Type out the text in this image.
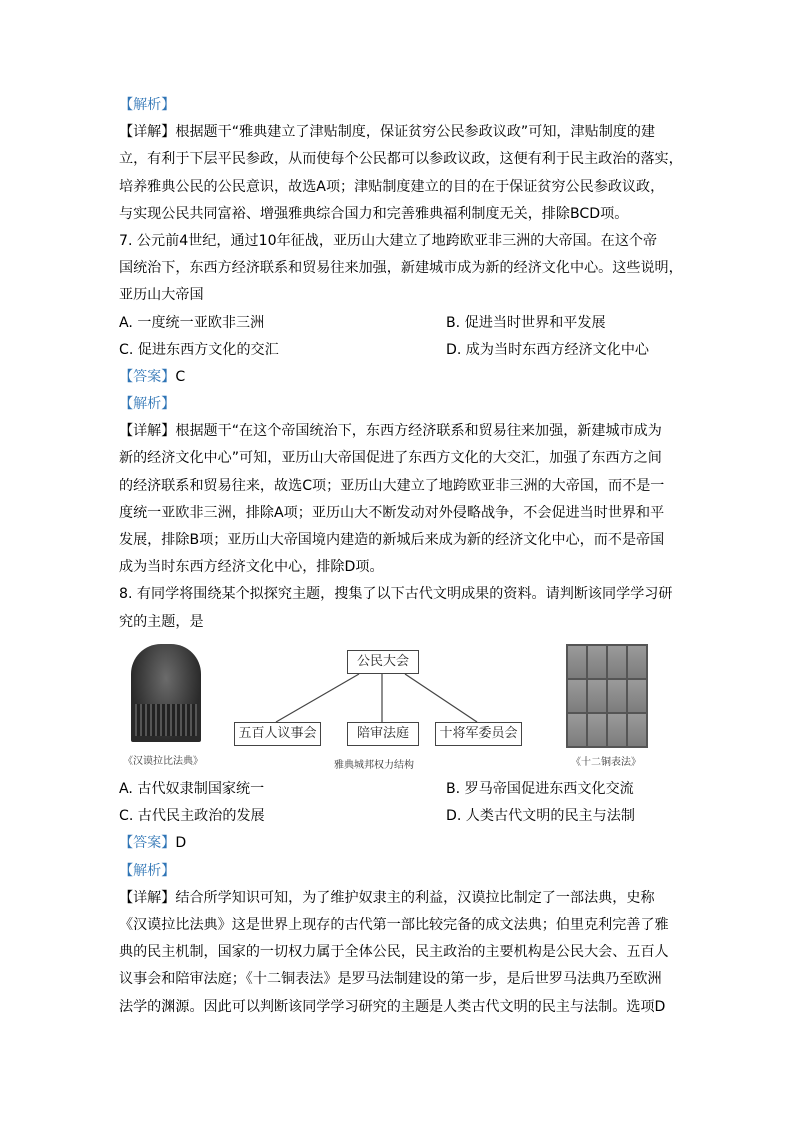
【解析】
【详解】根据题干“雅典建立了津贴制度，保证贫穷公民参政议政”可知，津贴制度的建
立，有利于下层平民参政，从而使每个公民都可以参政议政，这便有利于民主政治的落实，
培养雅典公民的公民意识，故选A项；津贴制度建立的目的在于保证贫穷公民参政议政，
与实现公民共同富裕、增强雅典综合国力和完善雅典福利制度无关，排除BCD项。
7. 公元前4世纪，通过10年征战，亚历山大建立了地跨欧亚非三洲的大帝国。在这个帝
国统治下，东西方经济联系和贸易往来加强，新建城市成为新的经济文化中心。这些说明，
亚历山大帝国
A. 一度统一亚欧非三洲	B. 促进当时世界和平发展
C. 促进东西方文化的交汇	D. 成为当时东西方经济文化中心
【答案】C
【解析】
【详解】根据题干“在这个帝国统治下，东西方经济联系和贸易往来加强，新建城市成为
新的经济文化中心”可知，亚历山大帝国促进了东西方文化的大交汇，加强了东西方之间
的经济联系和贸易往来，故选C项；亚历山大建立了地跨欧亚非三洲的大帝国，而不是一
度统一亚欧非三洲，排除A项；亚历山大不断发动对外侵略战争，不会促进当时世界和平
发展，排除B项；亚历山大帝国境内建造的新城后来成为新的经济文化中心，而不是帝国
成为当时东西方经济文化中心，排除D项。
8. 有同学将围绕某个拟探究主题，搜集了以下古代文明成果的资料。请判断该同学学习研
究的主题，是
《汉谟拉比法典》
公民大会
五百人议事会	陪审法庭	十将军委员会
雅典城邦权力结构	《十二铜表法》
A. 古代奴隶制国家统一	B. 罗马帝国促进东西文化交流
C. 古代民主政治的发展	D. 人类古代文明的民主与法制
【答案】D
【解析】
【详解】结合所学知识可知，为了维护奴隶主的利益，汉谟拉比制定了一部法典，史称
《汉谟拉比法典》这是世界上现存的古代第一部比较完备的成文法典；伯里克利完善了雅
典的民主机制，国家的一切权力属于全体公民，民主政治的主要机构是公民大会、五百人
议事会和陪审法庭；《十二铜表法》是罗马法制建设的第一步，是后世罗马法典乃至欧洲
法学的渊源。因此可以判断该同学学习研究的主题是人类古代文明的民主与法制。选项D
